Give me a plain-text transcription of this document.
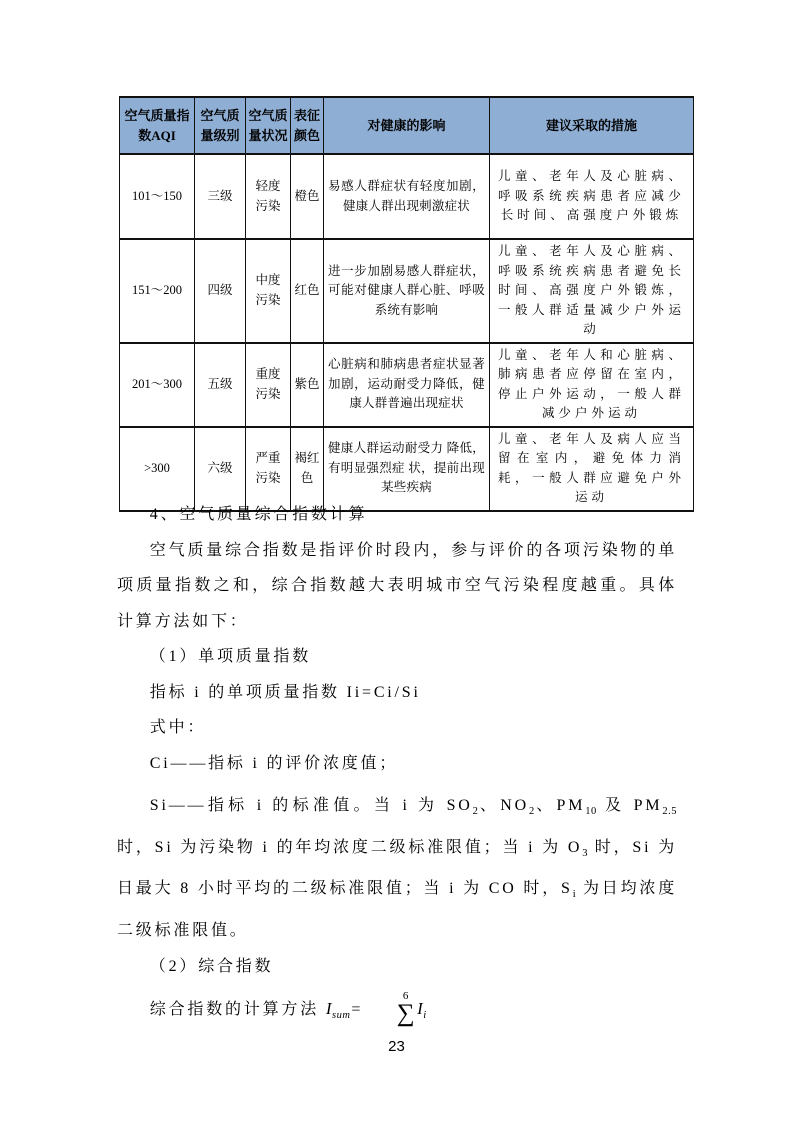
空气质量指数AQI	空气质量级别	空气质量状况	表征颜色	对健康的影响	建议采取的措施
101～150	三级	轻度污染	橙色	易感人群症状有轻度加剧，健康人群出现刺激症状	儿童、老年人及心脏病、呼吸系统疾病患者应减少长时间、高强度户外锻炼
151～200	四级	中度污染	红色	进一步加剧易感人群症状，可能对健康人群心脏、呼吸系统有影响	儿童、老年人及心脏病、呼吸系统疾病患者避免长时间、高强度户外锻炼，一般人群适量减少户外运动
201～300	五级	重度污染	紫色	心脏病和肺病患者症状显著加剧，运动耐受力降低，健康人群普遍出现症状	儿童、老年人和心脏病、肺病患者应停留在室内，停止户外运动，一般人群减少户外运动
>300	六级	严重污染	褐红色	健康人群运动耐受力 降低，有明显强烈症 状，提前出现某些疾病	儿童、老年人及病人应当留在室内，避免体力消耗，一般人群应避免户外运动

4、空气质量综合指数计算

空气质量综合指数是指评价时段内，参与评价的各项污染物的单项质量指数之和，综合指数越大表明城市空气污染程度越重。具体计算方法如下：

（1）单项质量指数

指标 i 的单项质量指数 Ii=Ci/Si

式中：

Ci——指标 i 的评价浓度值；

Si——指标 i 的标准值。当 i 为 $SO_2$、$NO_2$、$PM_{10}$ 及 $PM_{2.5}$ 时，Si 为污染物 i 的年均浓度二级标准限值；当 i 为 $O_3$ 时，Si 为日最大 8 小时平均的二级标准限值；当 i 为 CO 时，$S_i$ 为日均浓度二级标准限值。

（2）综合指数

综合指数的计算方法 $I_{sum}=$
6
∑ $I_i$

23
